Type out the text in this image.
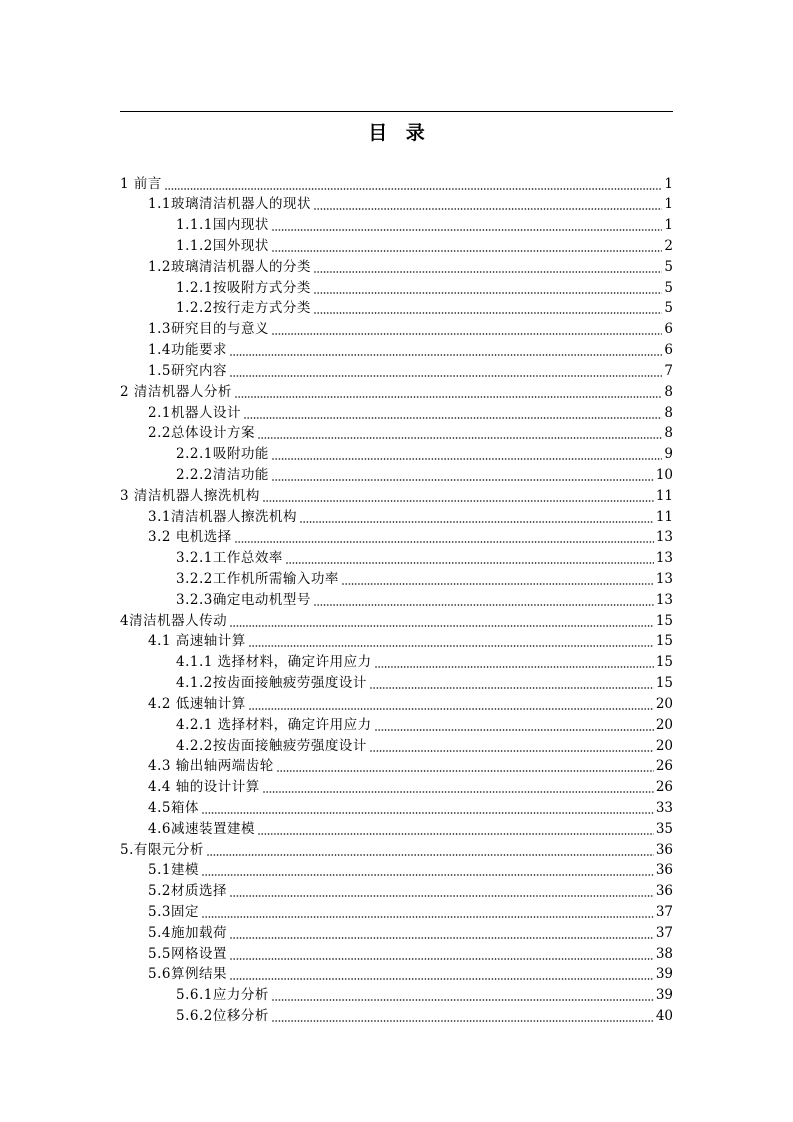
目 录
1 前言	1
1.1玻璃清洁机器人的现状	1
1.1.1国内现状	1
1.1.2国外现状	2
1.2玻璃清洁机器人的分类	5
1.2.1按吸附方式分类	5
1.2.2按行走方式分类	5
1.3研究目的与意义	6
1.4功能要求	6
1.5研究内容	7
2 清洁机器人分析	8
2.1机器人设计	8
2.2总体设计方案	8
2.2.1吸附功能	9
2.2.2清洁功能	10
3 清洁机器人擦洗机构	11
3.1清洁机器人擦洗机构	11
3.2 电机选择	13
3.2.1工作总效率	13
3.2.2工作机所需输入功率	13
3.2.3确定电动机型号	13
4清洁机器人传动	15
4.1 高速轴计算	15
4.1.1 选择材料，确定许用应力	15
4.1.2按齿面接触疲劳强度设计	15
4.2 低速轴计算	20
4.2.1 选择材料，确定许用应力	20
4.2.2按齿面接触疲劳强度设计	20
4.3 输出轴两端齿轮	26
4.4 轴的设计计算	26
4.5箱体	33
4.6减速装置建模	35
5.有限元分析	36
5.1建模	36
5.2材质选择	36
5.3固定	37
5.4施加载荷	37
5.5网格设置	38
5.6算例结果	39
5.6.1应力分析	39
5.6.2位移分析	40
